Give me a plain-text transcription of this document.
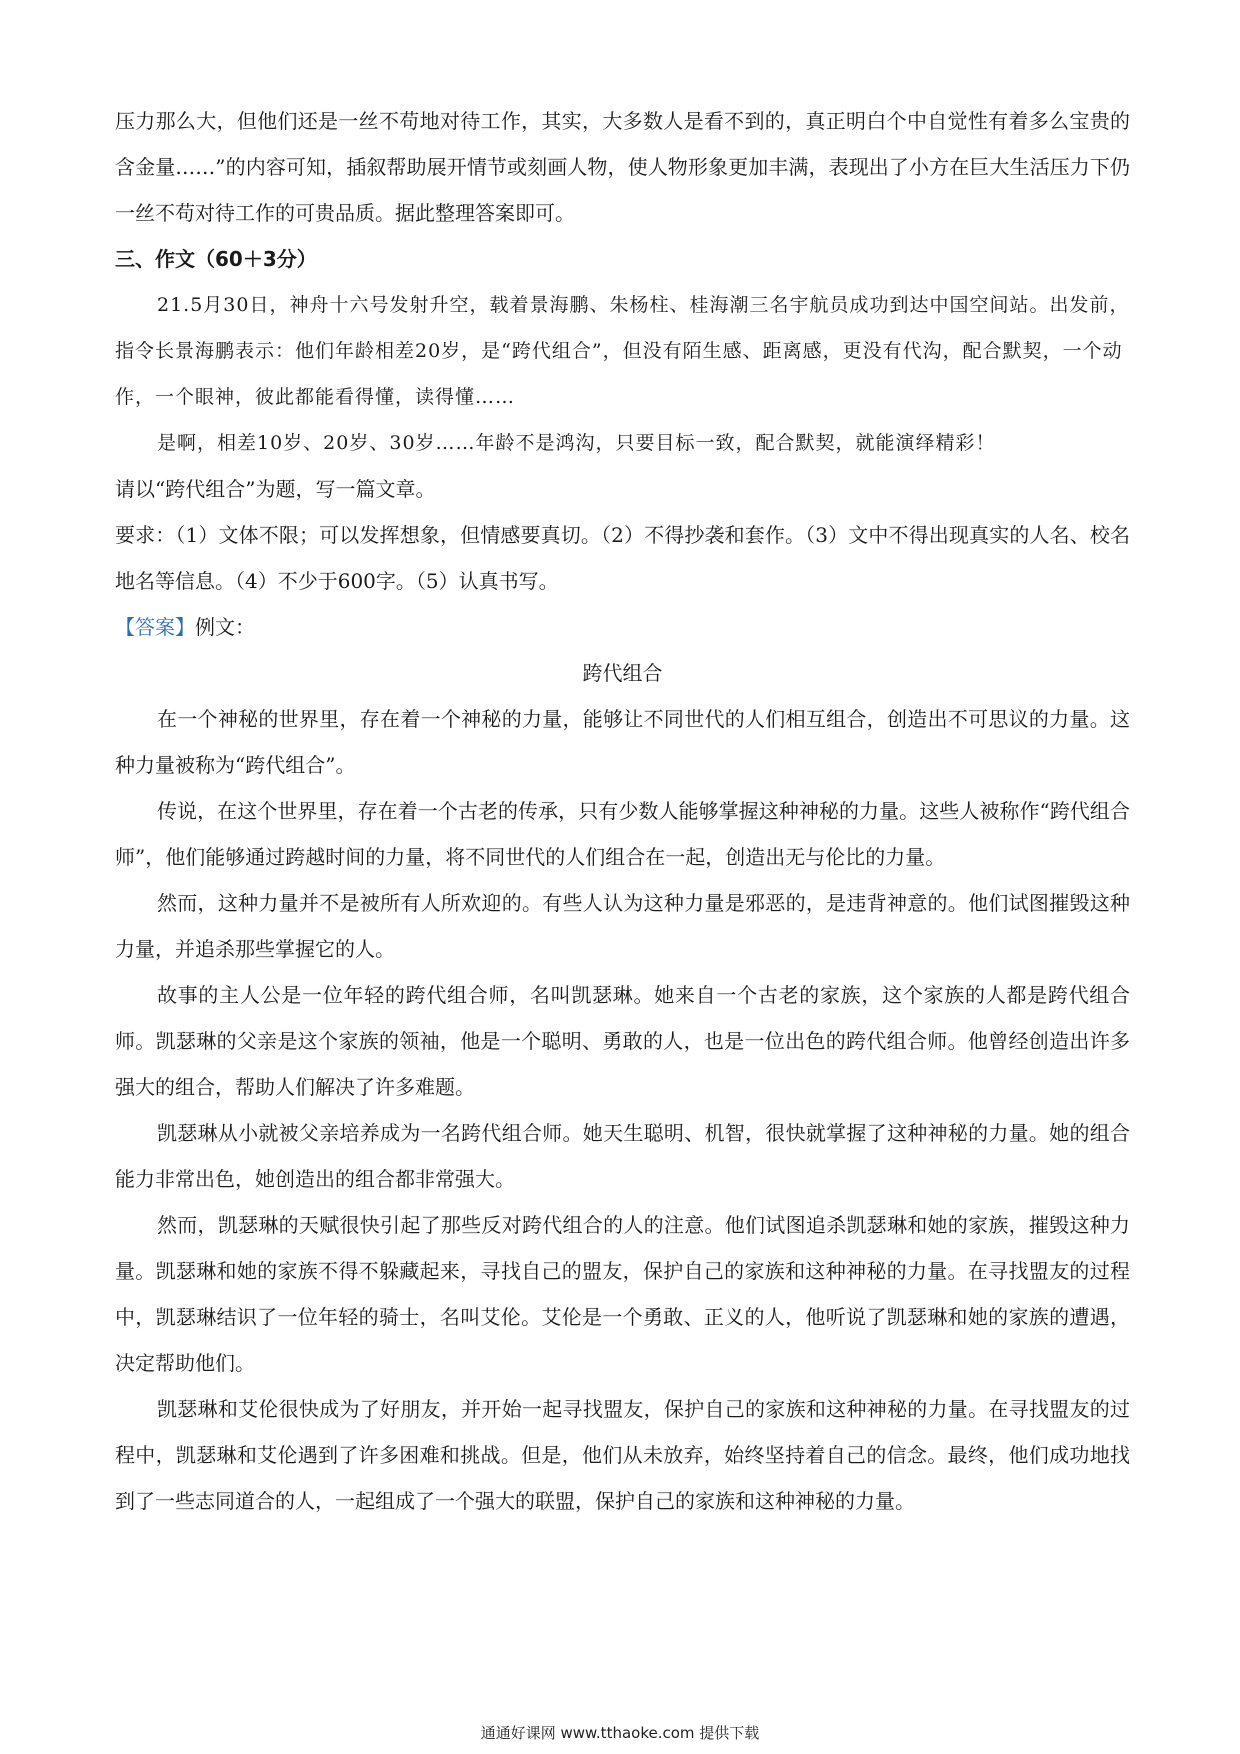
压力那么大，但他们还是一丝不苟地对待工作，其实，大多数人是看不到的，真正明白个中自觉性有着多么宝贵的含金量……”的内容可知，插叙帮助展开情节或刻画人物，使人物形象更加丰满，表现出了小方在巨大生活压力下仍一丝不苟对待工作的可贵品质。据此整理答案即可。

三、作文（60＋3分）

21.5月30日，神舟十六号发射升空，载着景海鹏、朱杨柱、桂海潮三名宇航员成功到达中国空间站。出发前，指令长景海鹏表示：他们年龄相差20岁，是“跨代组合”，但没有陌生感、距离感，更没有代沟，配合默契，一个动作，一个眼神，彼此都能看得懂，读得懂……

是啊，相差10岁、20岁、30岁……年龄不是鸿沟，只要目标一致，配合默契，就能演绎精彩！

请以“跨代组合”为题，写一篇文章。

要求：（1）文体不限；可以发挥想象，但情感要真切。（2）不得抄袭和套作。（3）文中不得出现真实的人名、校名地名等信息。（4）不少于600字。（5）认真书写。

【答案】例文：

跨代组合

在一个神秘的世界里，存在着一个神秘的力量，能够让不同世代的人们相互组合，创造出不可思议的力量。这种力量被称为“跨代组合”。

传说，在这个世界里，存在着一个古老的传承，只有少数人能够掌握这种神秘的力量。这些人被称作“跨代组合师”，他们能够通过跨越时间的力量，将不同世代的人们组合在一起，创造出无与伦比的力量。

然而，这种力量并不是被所有人所欢迎的。有些人认为这种力量是邪恶的，是违背神意的。他们试图摧毁这种力量，并追杀那些掌握它的人。

故事的主人公是一位年轻的跨代组合师，名叫凯瑟琳。她来自一个古老的家族，这个家族的人都是跨代组合师。凯瑟琳的父亲是这个家族的领袖，他是一个聪明、勇敢的人，也是一位出色的跨代组合师。他曾经创造出许多强大的组合，帮助人们解决了许多难题。

凯瑟琳从小就被父亲培养成为一名跨代组合师。她天生聪明、机智，很快就掌握了这种神秘的力量。她的组合能力非常出色，她创造出的组合都非常强大。

然而，凯瑟琳的天赋很快引起了那些反对跨代组合的人的注意。他们试图追杀凯瑟琳和她的家族，摧毁这种力量。凯瑟琳和她的家族不得不躲藏起来，寻找自己的盟友，保护自己的家族和这种神秘的力量。在寻找盟友的过程中，凯瑟琳结识了一位年轻的骑士，名叫艾伦。艾伦是一个勇敢、正义的人，他听说了凯瑟琳和她的家族的遭遇，决定帮助他们。

凯瑟琳和艾伦很快成为了好朋友，并开始一起寻找盟友，保护自己的家族和这种神秘的力量。在寻找盟友的过程中，凯瑟琳和艾伦遇到了许多困难和挑战。但是，他们从未放弃，始终坚持着自己的信念。最终，他们成功地找到了一些志同道合的人，一起组成了一个强大的联盟，保护自己的家族和这种神秘的力量。

通通好课网 www.tthaoke.com 提供下载
